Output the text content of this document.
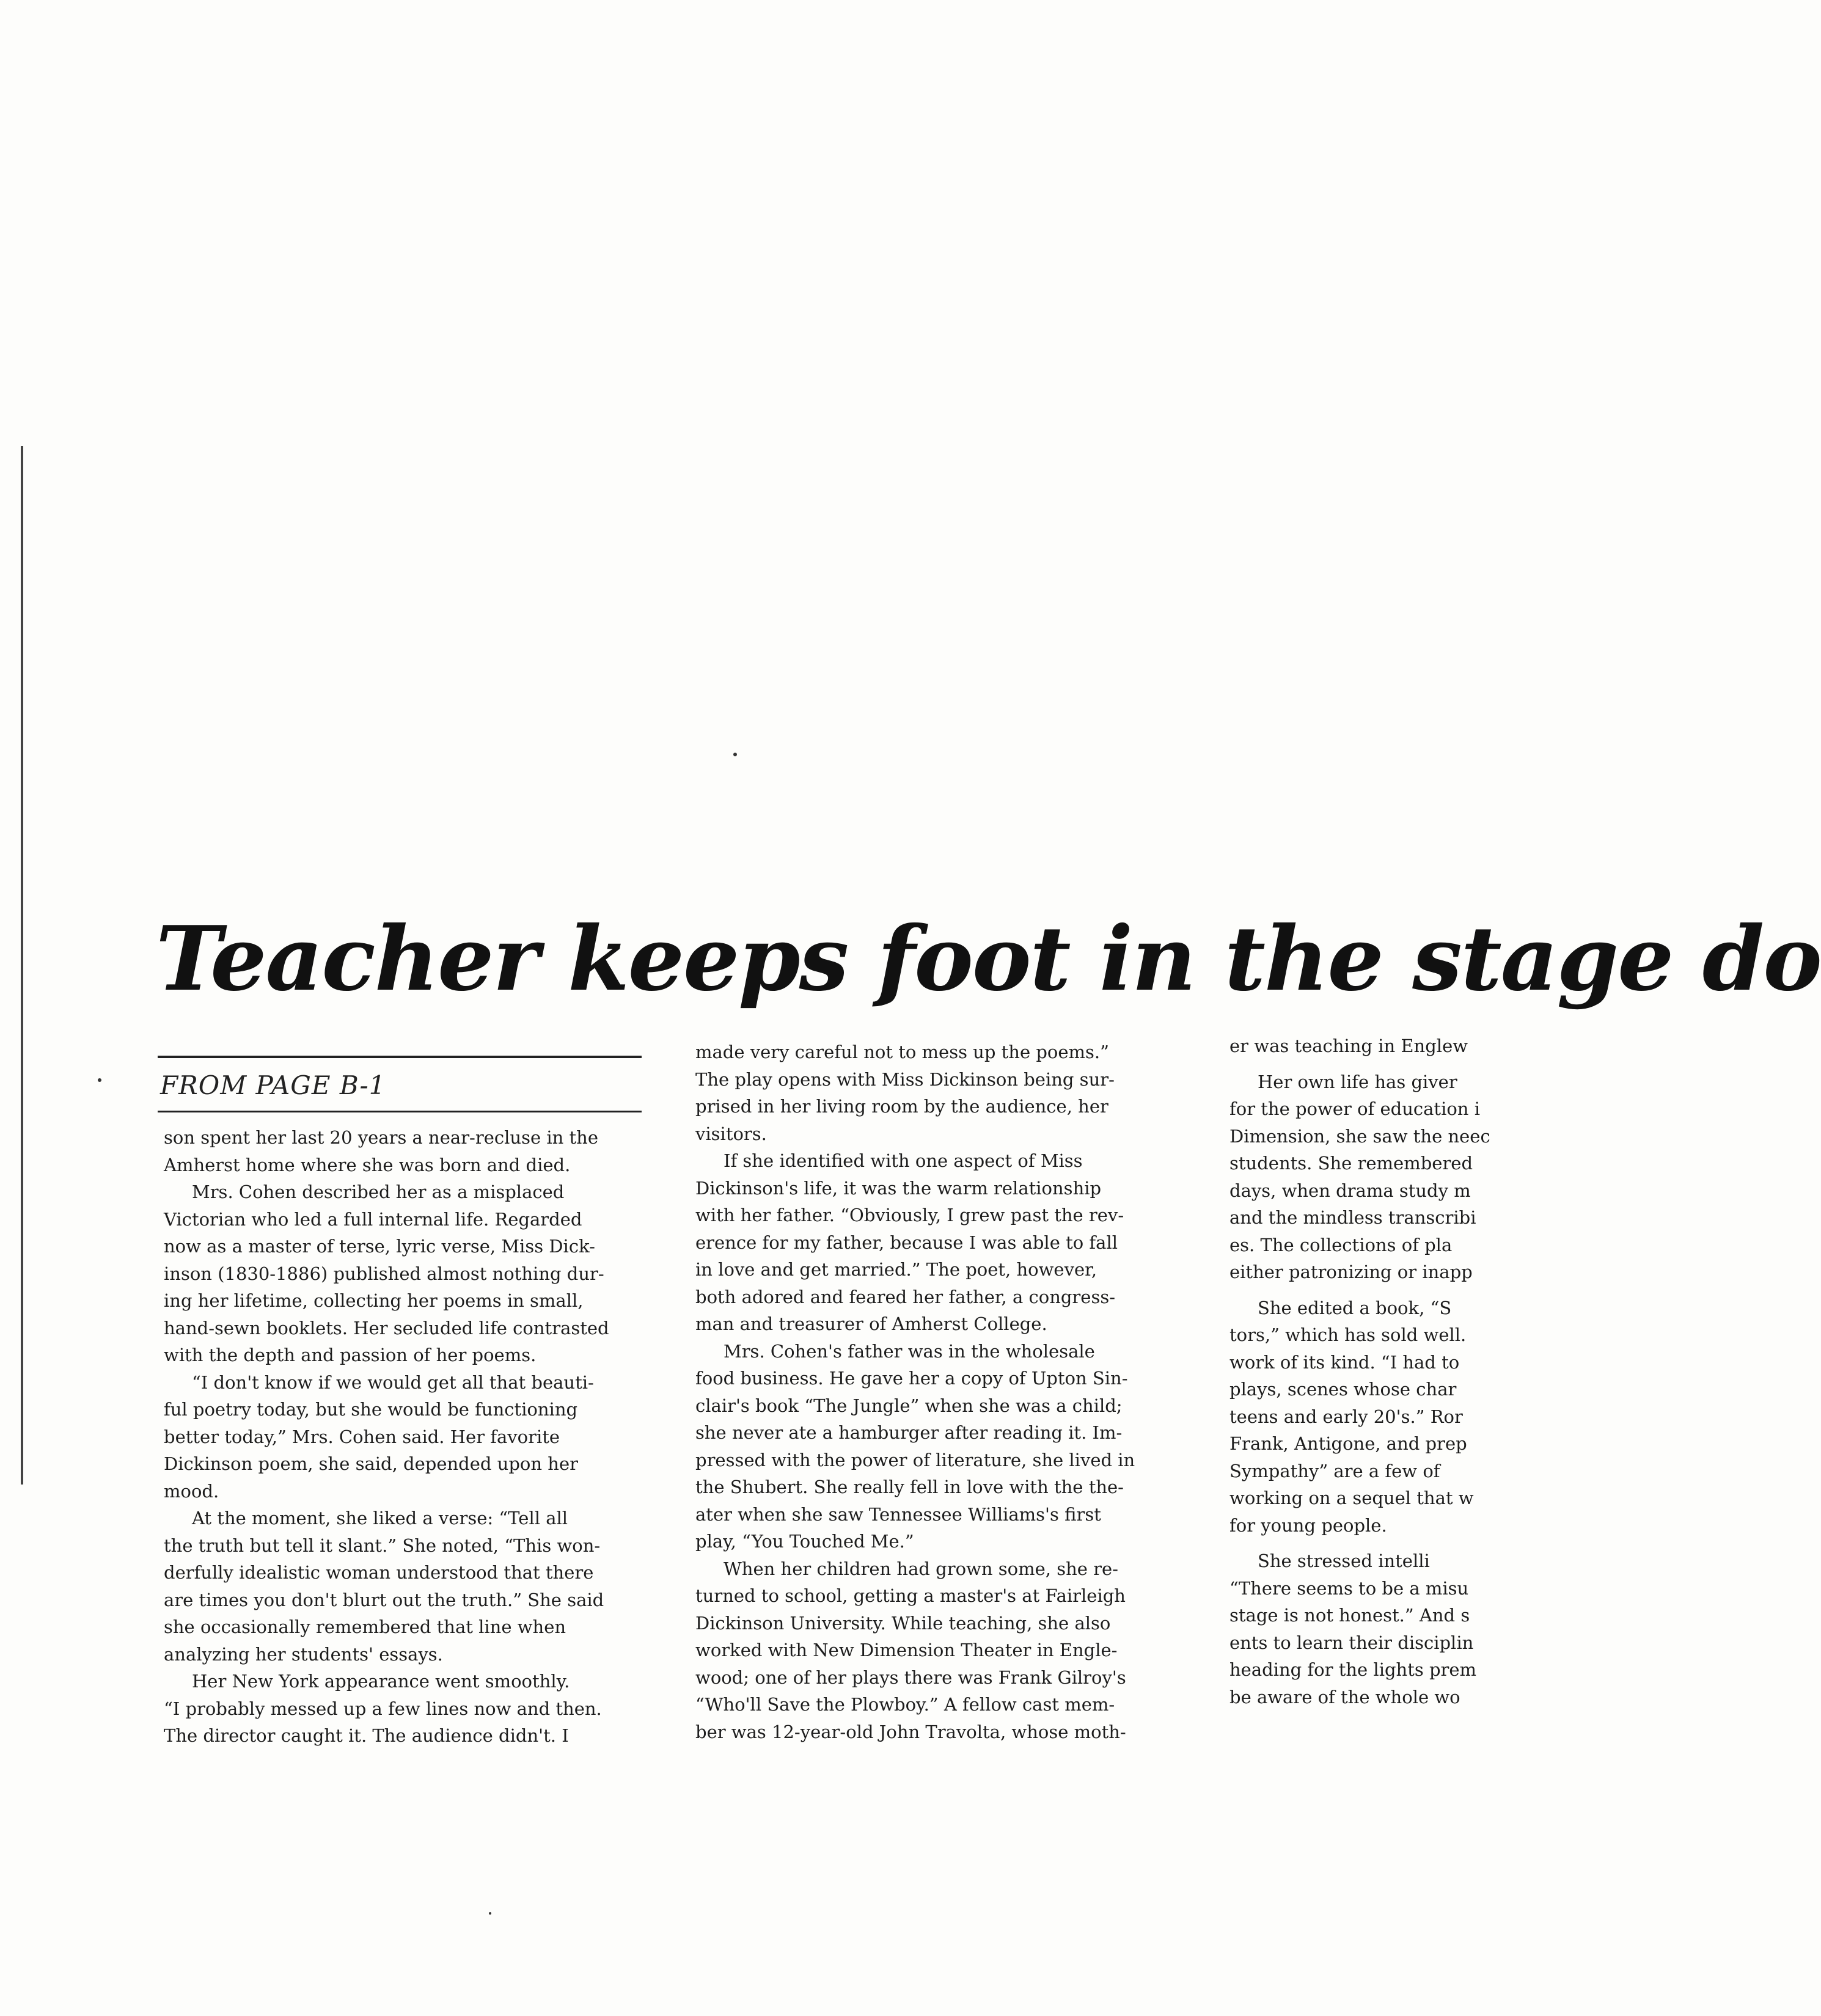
Teacher keeps foot in the stage do
FROM PAGE B-1

son spent her last 20 years a near-recluse in the

Amherst home where she was born and died.

Mrs. Cohen described her as a misplaced

Victorian who led a full internal life. Regarded

now as a master of terse, lyric verse, Miss Dick-

inson (1830-1886) published almost nothing dur-

ing her lifetime, collecting her poems in small,

hand-sewn booklets. Her secluded life contrasted

with the depth and passion of her poems.

“I don't know if we would get all that beauti-

ful poetry today, but she would be functioning

better today,” Mrs. Cohen said. Her favorite

Dickinson poem, she said, depended upon her

mood.

At the moment, she liked a verse: “Tell all

the truth but tell it slant.” She noted, “This won-

derfully idealistic woman understood that there

are times you don't blurt out the truth.” She said

she occasionally remembered that line when

analyzing her students' essays.

Her New York appearance went smoothly.

“I probably messed up a few lines now and then.

The director caught it. The audience didn't. I

made very careful not to mess up the poems.”

The play opens with Miss Dickinson being sur-

prised in her living room by the audience, her

visitors.

If she identified with one aspect of Miss

Dickinson's life, it was the warm relationship

with her father. “Obviously, I grew past the rev-

erence for my father, because I was able to fall

in love and get married.” The poet, however,

both adored and feared her father, a congress-

man and treasurer of Amherst College.

Mrs. Cohen's father was in the wholesale

food business. He gave her a copy of Upton Sin-

clair's book “The Jungle” when she was a child;

she never ate a hamburger after reading it. Im-

pressed with the power of literature, she lived in

the Shubert. She really fell in love with the the-

ater when she saw Tennessee Williams's first

play, “You Touched Me.”

When her children had grown some, she re-

turned to school, getting a master's at Fairleigh

Dickinson University. While teaching, she also

worked with New Dimension Theater in Engle-

wood; one of her plays there was Frank Gilroy's

“Who'll Save the Plowboy.” A fellow cast mem-

ber was 12-year-old John Travolta, whose moth-

er was teaching in Englew

Her own life has giver

for the power of education i

Dimension, she saw the neec

students. She remembered

days, when drama study m

and the mindless transcribi

es. The collections of pla

either patronizing or inapp

She edited a book, “S

tors,” which has sold well.

work of its kind. “I had to

plays, scenes whose char

teens and early 20's.” Ror

Frank, Antigone, and prep

Sympathy” are a few of

working on a sequel that w

for young people.

She stressed intelli

“There seems to be a misu

stage is not honest.” And s

ents to learn their disciplin

heading for the lights prem

be aware of the whole wo
